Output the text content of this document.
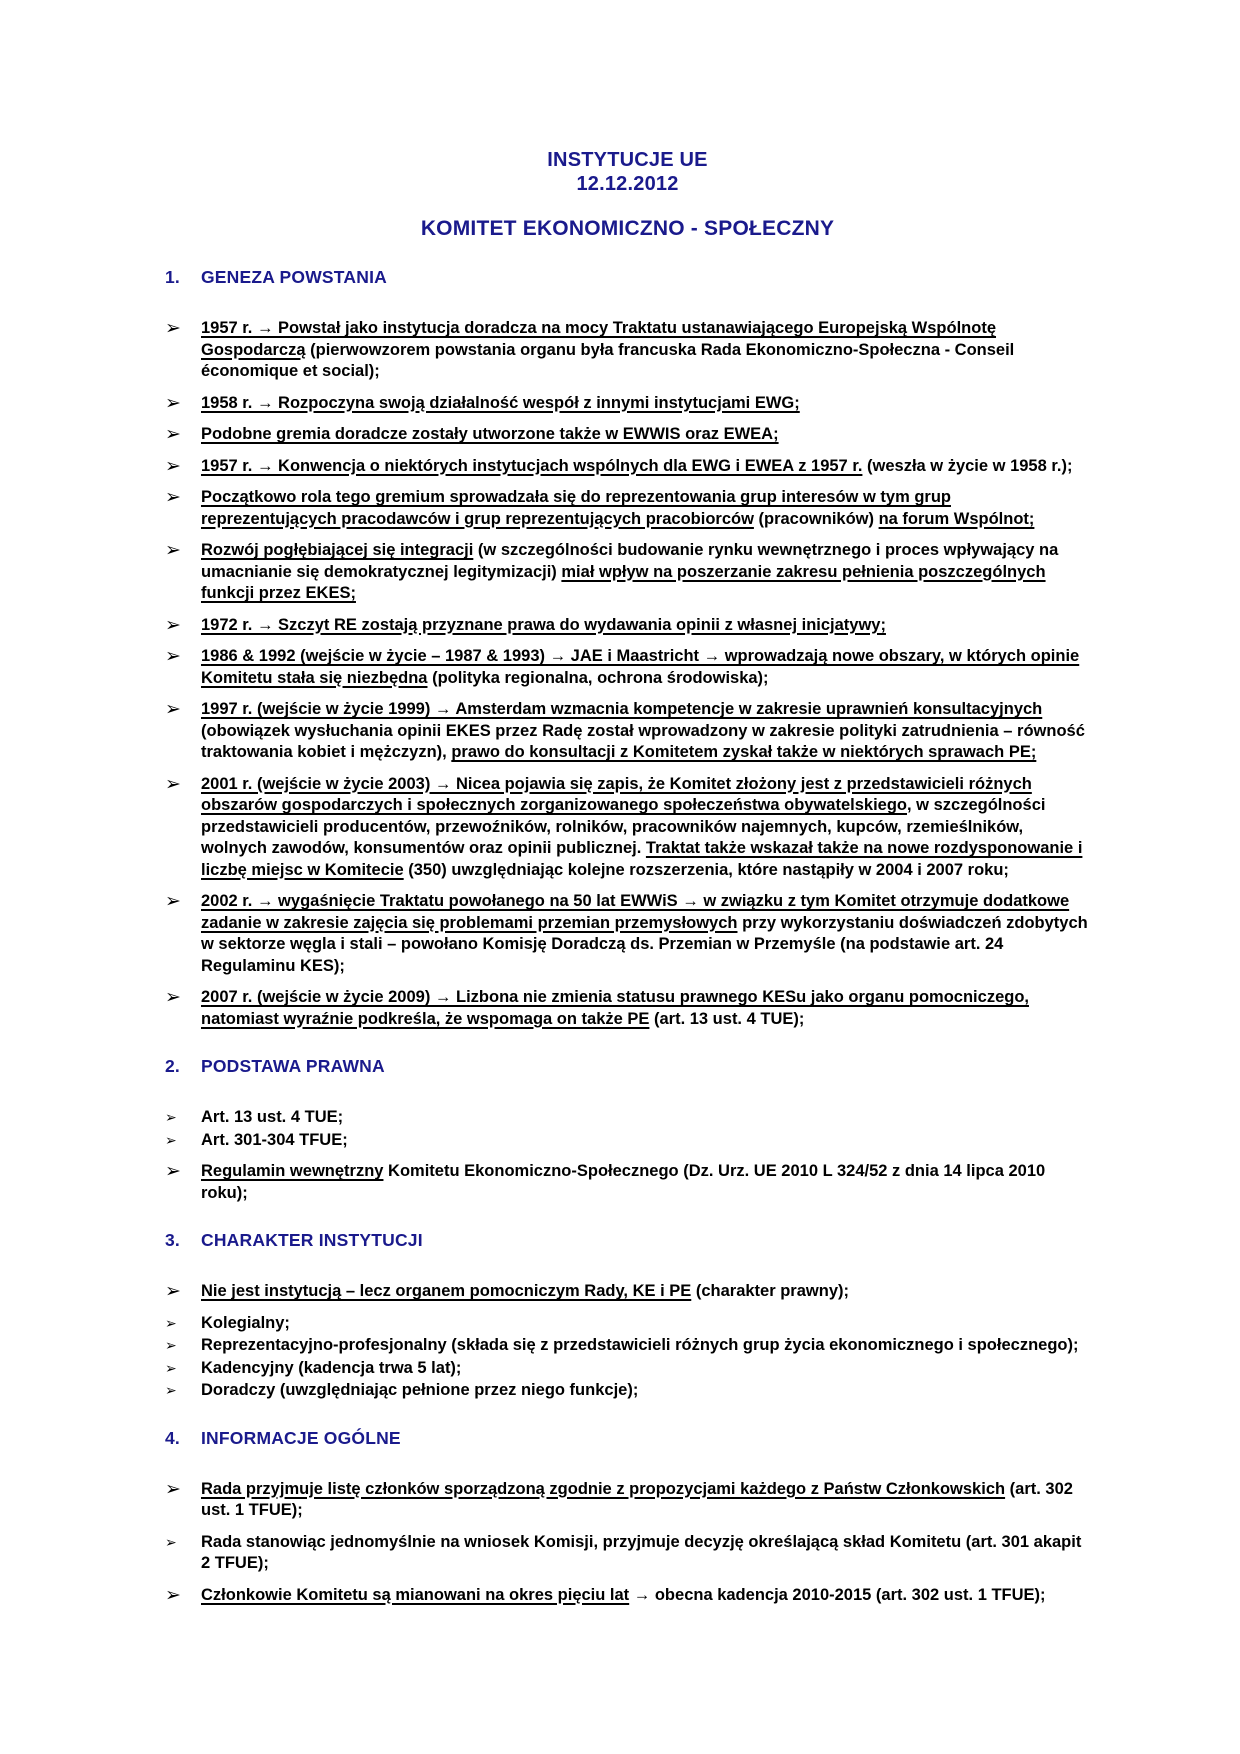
INSTYTUCJE UE
12.12.2012
KOMITET EKONOMICZNO - SPOŁECZNY
1.	GENEZA POWSTANIA
➢	1957 r. → Powstał jako instytucja doradcza na mocy Traktatu ustanawiającego Europejską Wspólnotę Gospodarczą (pierwowzorem powstania organu była francuska Rada Ekonomiczno-Społeczna - Conseil économique et social);
➢	1958 r. → Rozpoczyna swoją działalność wespół z innymi instytucjami EWG;
➢	Podobne gremia doradcze zostały utworzone także w EWWIS oraz EWEA;
➢	1957 r. → Konwencja o niektórych instytucjach wspólnych dla EWG i EWEA z 1957 r. (weszła w życie w 1958 r.);
➢	Początkowo rola tego gremium sprowadzała się do reprezentowania grup interesów w tym grup reprezentujących pracodawców i grup reprezentujących pracobiorców (pracowników) na forum Wspólnot;
➢	Rozwój pogłębiającej się integracji (w szczególności budowanie rynku wewnętrznego i proces wpływający na umacnianie się demokratycznej legitymizacji) miał wpływ na poszerzanie zakresu pełnienia poszczególnych funkcji przez EKES;
➢	1972 r. → Szczyt RE zostają przyznane prawa do wydawania opinii z własnej inicjatywy;
➢	1986 & 1992 (wejście w życie – 1987 & 1993) → JAE i Maastricht → wprowadzają nowe obszary, w których opinie Komitetu stała się niezbędna (polityka regionalna, ochrona środowiska);
➢	1997 r. (wejście w życie 1999) → Amsterdam wzmacnia kompetencje w zakresie uprawnień konsultacyjnych (obowiązek wysłuchania opinii EKES przez Radę został wprowadzony w zakresie polityki zatrudnienia – równość traktowania kobiet i mężczyzn), prawo do konsultacji z Komitetem zyskał także w niektórych sprawach PE;
➢	2001 r. (wejście w życie 2003) → Nicea pojawia się zapis, że Komitet złożony jest z przedstawicieli różnych obszarów gospodarczych i społecznych zorganizowanego społeczeństwa obywatelskiego, w szczególności przedstawicieli producentów, przewoźników, rolników, pracowników najemnych, kupców, rzemieślników, wolnych zawodów, konsumentów oraz opinii publicznej. Traktat także wskazał także na nowe rozdysponowanie i liczbę miejsc w Komitecie (350) uwzględniając kolejne rozszerzenia, które nastąpiły w 2004 i 2007 roku;
➢	2002 r. → wygaśnięcie Traktatu powołanego na 50 lat EWWiS → w związku z tym Komitet otrzymuje dodatkowe zadanie w zakresie zajęcia się problemami przemian przemysłowych przy wykorzystaniu doświadczeń zdobytych w sektorze węgla i stali – powołano Komisję Doradczą ds. Przemian w Przemyśle (na podstawie art. 24 Regulaminu KES);
➢	2007 r. (wejście w życie 2009) → Lizbona nie zmienia statusu prawnego KESu jako organu pomocniczego, natomiast wyraźnie podkreśla, że wspomaga on także PE (art. 13 ust. 4 TUE);
2.	PODSTAWA PRAWNA
➢	Art. 13 ust. 4 TUE;
➢	Art. 301-304 TFUE;
➢	Regulamin wewnętrzny Komitetu Ekonomiczno-Społecznego (Dz. Urz. UE 2010 L 324/52 z dnia 14 lipca 2010 roku);
3.	CHARAKTER INSTYTUCJI
➢	Nie jest instytucją – lecz organem pomocniczym Rady, KE i PE (charakter prawny);
➢	Kolegialny;
➢	Reprezentacyjno-profesjonalny (składa się z przedstawicieli różnych grup życia ekonomicznego i społecznego);
➢	Kadencyjny (kadencja trwa 5 lat);
➢	Doradczy (uwzględniając pełnione przez niego funkcje);
4.	INFORMACJE OGÓLNE
➢	Rada przyjmuje listę członków sporządzoną zgodnie z propozycjami każdego z Państw Członkowskich (art. 302 ust. 1 TFUE);
➢	Rada stanowiąc jednomyślnie na wniosek Komisji, przyjmuje decyzję określającą skład Komitetu (art. 301 akapit 2 TFUE);
➢	Członkowie Komitetu są mianowani na okres pięciu lat → obecna kadencja 2010-2015 (art. 302 ust. 1 TFUE);
